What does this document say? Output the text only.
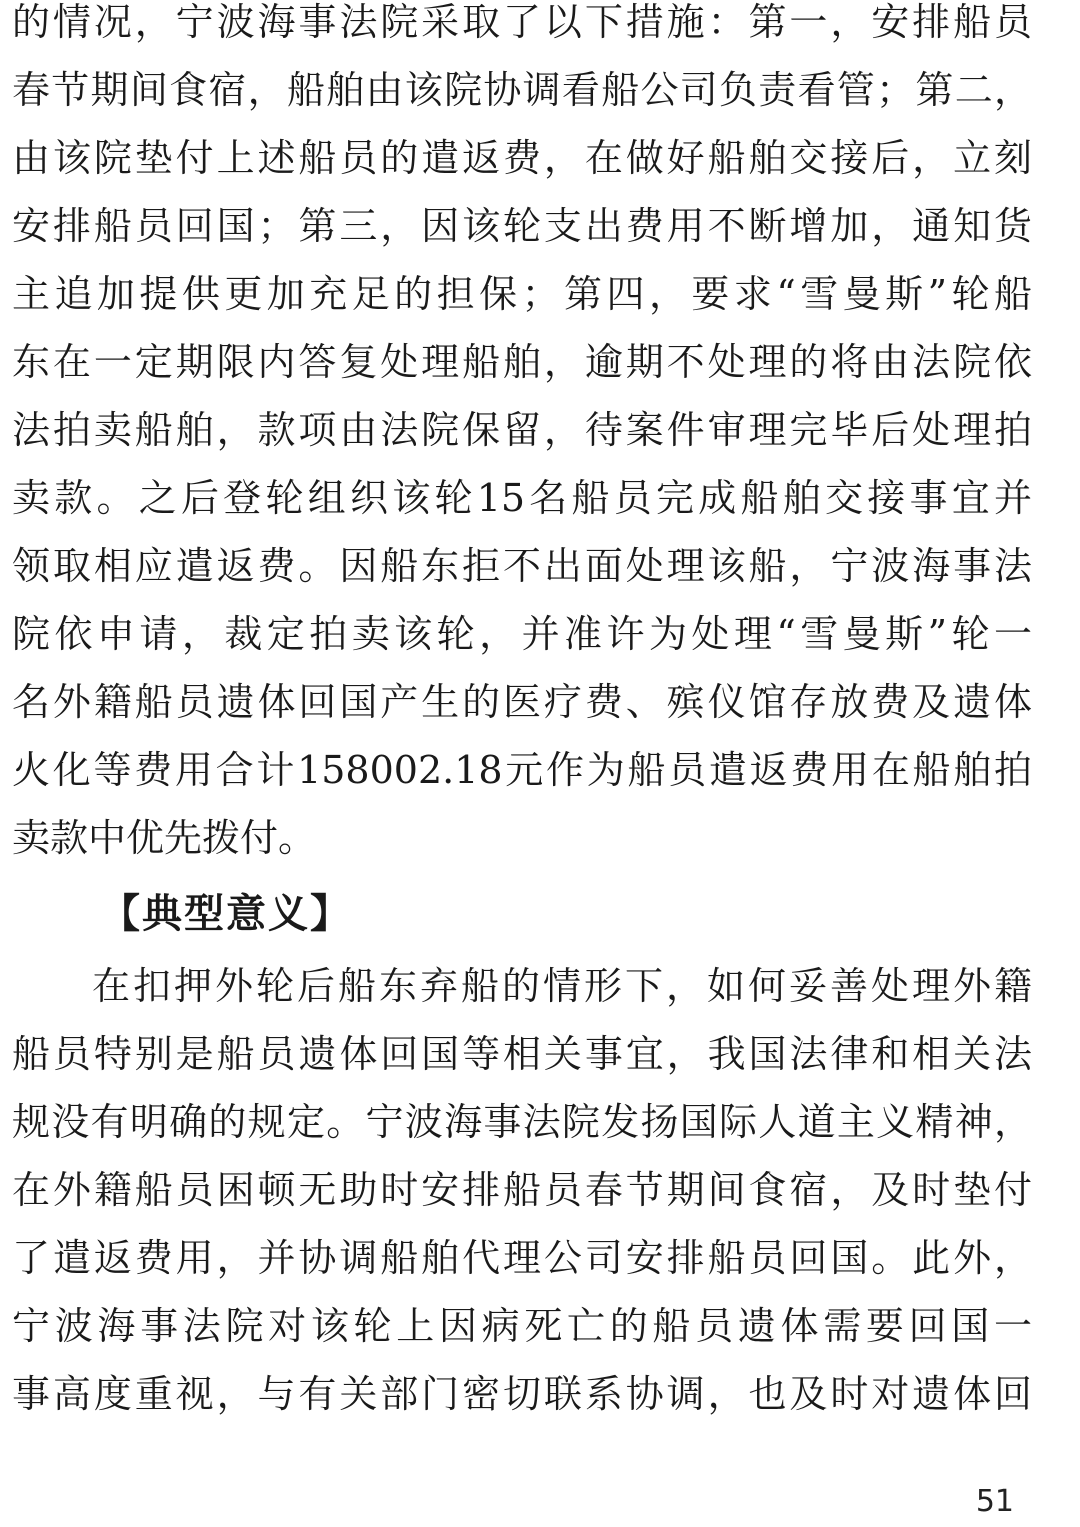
的情况，宁波海事法院采取了以下措施：第一，安排船员
春节期间食宿，船舶由该院协调看船公司负责看管；第二，
由该院垫付上述船员的遣返费，在做好船舶交接后，立刻
安排船员回国；第三，因该轮支出费用不断增加，通知货
主追加提供更加充足的担保；第四，要求“雪曼斯”轮船
东在一定期限内答复处理船舶，逾期不处理的将由法院依
法拍卖船舶，款项由法院保留，待案件审理完毕后处理拍
卖款。之后登轮组织该轮15名船员完成船舶交接事宜并
领取相应遣返费。因船东拒不出面处理该船，宁波海事法
院依申请，裁定拍卖该轮，并准许为处理“雪曼斯”轮一
名外籍船员遗体回国产生的医疗费、殡仪馆存放费及遗体
火化等费用合计158002.18元作为船员遣返费用在船舶拍
卖款中优先拨付。
【典型意义】
在扣押外轮后船东弃船的情形下，如何妥善处理外籍
船员特别是船员遗体回国等相关事宜，我国法律和相关法
规没有明确的规定。宁波海事法院发扬国际人道主义精神，
在外籍船员困顿无助时安排船员春节期间食宿，及时垫付
了遣返费用，并协调船舶代理公司安排船员回国。此外，
宁波海事法院对该轮上因病死亡的船员遗体需要回国一
事高度重视，与有关部门密切联系协调，也及时对遗体回
51
